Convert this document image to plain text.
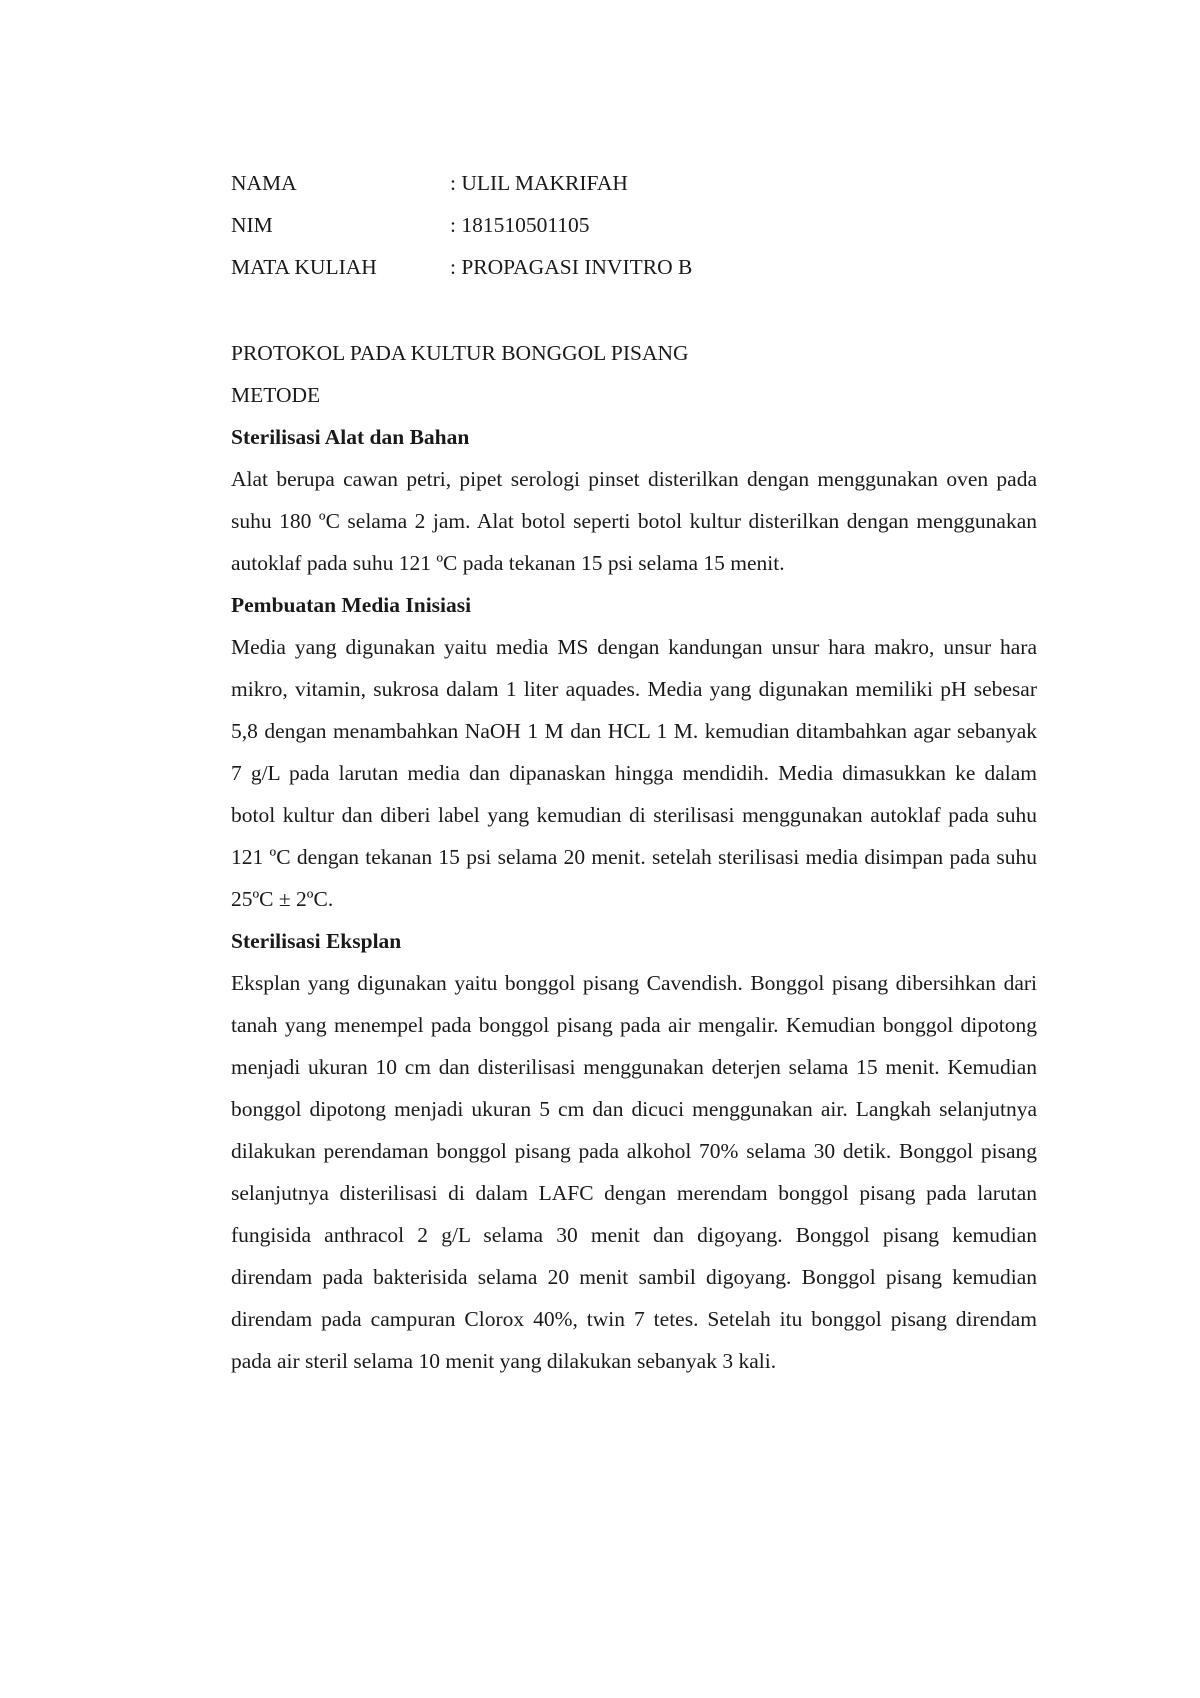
NAMA	: ULIL MAKRIFAH
NIM	: 181510501105
MATA KULIAH	: PROPAGASI INVITRO B
PROTOKOL PADA KULTUR BONGGOL PISANG
METODE
Sterilisasi Alat dan Bahan

Alat berupa cawan petri, pipet serologi pinset disterilkan dengan menggunakan oven pada suhu 180 ºC selama 2 jam. Alat botol seperti botol kultur disterilkan dengan menggunakan autoklaf pada suhu 121 ºC pada tekanan 15 psi selama 15 menit.

Pembuatan Media Inisiasi

Media yang digunakan yaitu media MS dengan kandungan unsur hara makro, unsur hara mikro, vitamin, sukrosa dalam 1 liter aquades. Media yang digunakan memiliki pH sebesar 5,8 dengan menambahkan NaOH 1 M dan HCL 1 M. kemudian ditambahkan agar sebanyak 7 g/L pada larutan media dan dipanaskan hingga mendidih. Media dimasukkan ke dalam botol kultur dan diberi label yang kemudian di sterilisasi menggunakan autoklaf pada suhu 121 ºC dengan tekanan 15 psi selama 20 menit. setelah sterilisasi media disimpan pada suhu 25ºC ± 2ºC.

Sterilisasi Eksplan

Eksplan yang digunakan yaitu bonggol pisang Cavendish. Bonggol pisang dibersihkan dari tanah yang menempel pada bonggol pisang pada air mengalir. Kemudian bonggol dipotong menjadi ukuran 10 cm dan disterilisasi menggunakan deterjen selama 15 menit. Kemudian bonggol dipotong menjadi ukuran 5 cm dan dicuci menggunakan air. Langkah selanjutnya dilakukan perendaman bonggol pisang pada alkohol 70% selama 30 detik. Bonggol pisang selanjutnya disterilisasi di dalam LAFC dengan merendam bonggol pisang pada larutan fungisida anthracol 2 g/L selama 30 menit dan digoyang. Bonggol pisang kemudian direndam pada bakterisida selama 20 menit sambil digoyang. Bonggol pisang kemudian direndam pada campuran Clorox 40%, twin 7 tetes. Setelah itu bonggol pisang direndam pada air steril selama 10 menit yang dilakukan sebanyak 3 kali.
